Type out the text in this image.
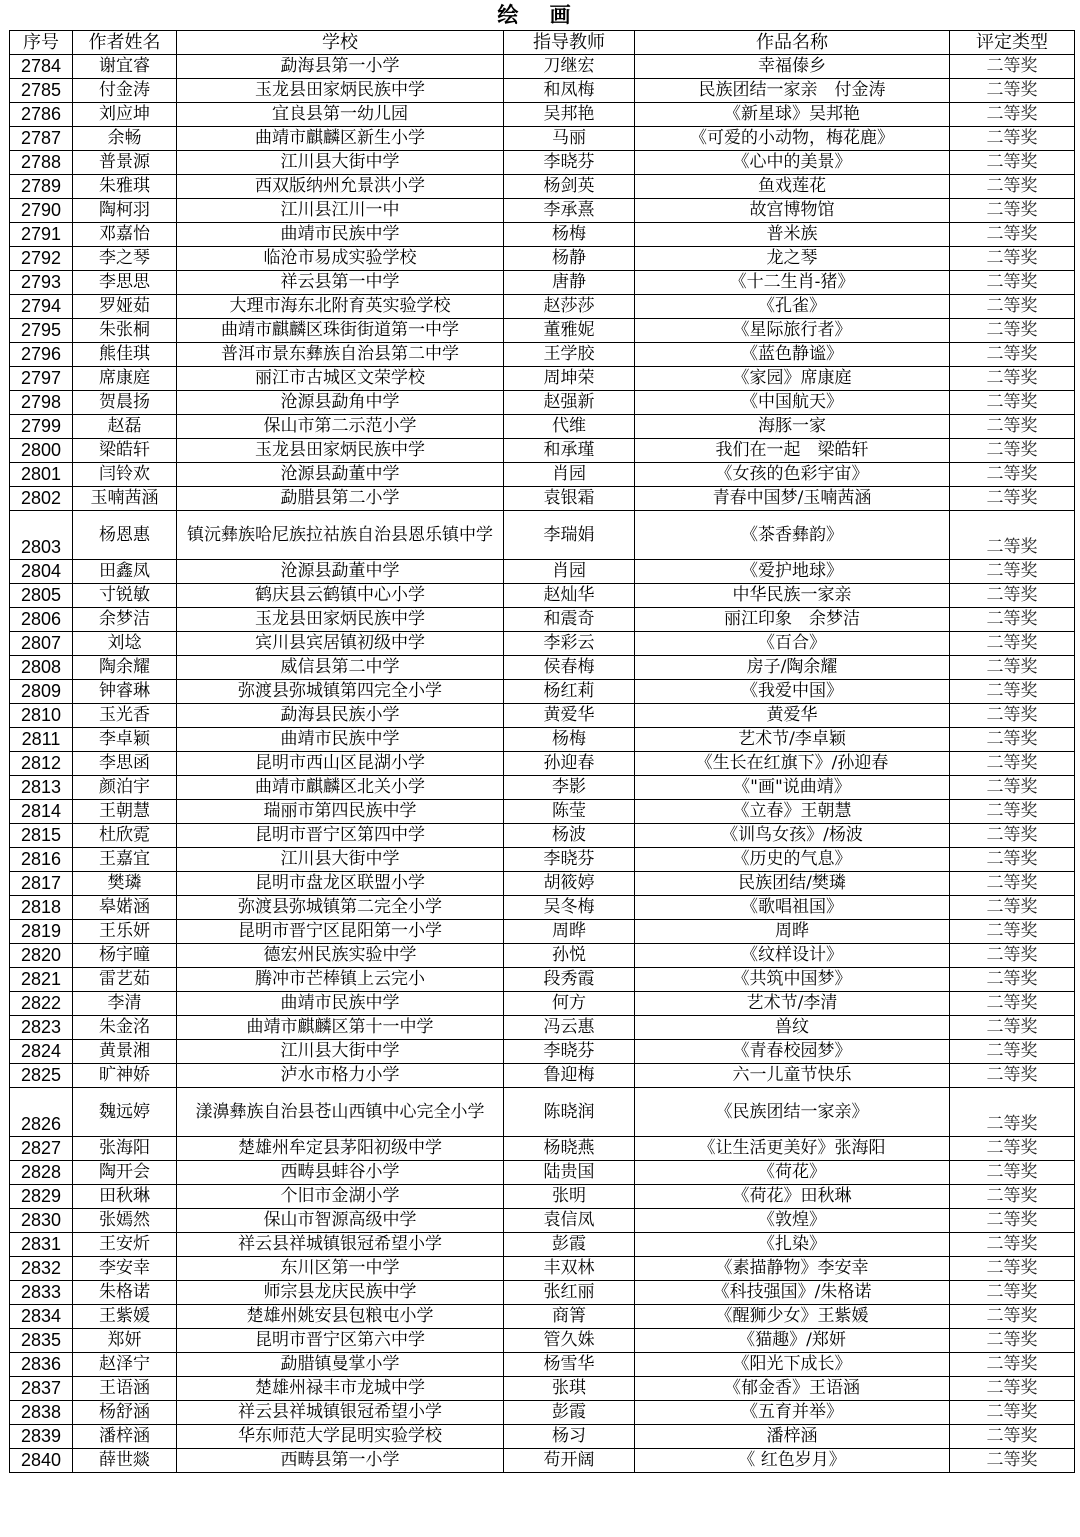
绘 画
序号	作者姓名	学校	指导教师	作品名称	评定类型
2784	谢宜睿	勐海县第一小学	刀继宏	幸福傣乡	二等奖
2785	付金涛	玉龙县田家炳民族中学	和凤梅	民族团结一家亲　付金涛	二等奖
2786	刘应坤	宜良县第一幼儿园	吴邦艳	《新星球》吴邦艳	二等奖
2787	余畅	曲靖市麒麟区新生小学	马丽	《可爱的小动物，梅花鹿》	二等奖
2788	普景源	江川县大街中学	李晓芬	《心中的美景》	二等奖
2789	朱雅琪	西双版纳州允景洪小学	杨剑英	鱼戏莲花	二等奖
2790	陶柯羽	江川县江川一中	李承熹	故宫博物馆	二等奖
2791	邓嘉怡	曲靖市民族中学	杨梅	普米族	二等奖
2792	李之琴	临沧市易成实验学校	杨静	龙之琴	二等奖
2793	李思思	祥云县第一中学	唐静	《十二生肖-猪》	二等奖
2794	罗娅茹	大理市海东北附育英实验学校	赵莎莎	《孔雀》	二等奖
2795	朱张桐	曲靖市麒麟区珠街街道第一中学	董雅妮	《星际旅行者》	二等奖
2796	熊佳琪	普洱市景东彝族自治县第二中学	王学胶	《蓝色静谧》	二等奖
2797	席康庭	丽江市古城区文荣学校	周坤荣	《家园》席康庭	二等奖
2798	贺晨扬	沧源县勐角中学	赵强新	《中国航天》	二等奖
2799	赵磊	保山市第二示范小学	代维	海豚一家	二等奖
2800	梁皓轩	玉龙县田家炳民族中学	和承瑾	我们在一起　梁皓轩	二等奖
2801	闫铃欢	沧源县勐董中学	肖园	《女孩的色彩宇宙》	二等奖
2802	玉喃茜涵	勐腊县第二小学	袁银霜	青春中国梦/玉喃茜涵	二等奖
2803	杨恩惠	镇沅彝族哈尼族拉祜族自治县恩乐镇中学	李瑞娟	《茶香彝韵》	二等奖
2804	田鑫凤	沧源县勐董中学	肖园	《爱护地球》	二等奖
2805	寸锐敏	鹤庆县云鹤镇中心小学	赵灿华	中华民族一家亲	二等奖
2806	余梦洁	玉龙县田家炳民族中学	和震奇	丽江印象　余梦洁	二等奖
2807	刘埝	宾川县宾居镇初级中学	李彩云	《百合》	二等奖
2808	陶余耀	威信县第二中学	侯春梅	房子/陶余耀	二等奖
2809	钟睿琳	弥渡县弥城镇第四完全小学	杨红莉	《我爱中国》	二等奖
2810	玉光香	勐海县民族小学	黄爱华	黄爱华	二等奖
2811	李卓颖	曲靖市民族中学	杨梅	艺术节/李卓颖	二等奖
2812	李思函	昆明市西山区昆湖小学	孙迎春	《生长在红旗下》/孙迎春	二等奖
2813	颜泊宇	曲靖市麒麟区北关小学	李影	《"画"说曲靖》	二等奖
2814	王朝慧	瑞丽市第四民族中学	陈莹	《立春》王朝慧	二等奖
2815	杜欣霓	昆明市晋宁区第四中学	杨波	《训鸟女孩》/杨波	二等奖
2816	王嘉宜	江川县大街中学	李晓芬	《历史的气息》	二等奖
2817	樊璘	昆明市盘龙区联盟小学	胡筱婷	民族团结/樊璘	二等奖
2818	皋婼涵	弥渡县弥城镇第二完全小学	吴冬梅	《歌唱祖国》	二等奖
2819	王乐妍	昆明市晋宁区昆阳第一小学	周晔	周晔	二等奖
2820	杨宇曈	德宏州民族实验中学	孙悦	《纹样设计》	二等奖
2821	雷艺茹	腾冲市芒棒镇上云完小	段秀霞	《共筑中国梦》	二等奖
2822	李清	曲靖市民族中学	何方	艺术节/李清	二等奖
2823	朱金洺	曲靖市麒麟区第十一中学	冯云惠	兽纹	二等奖
2824	黄景湘	江川县大街中学	李晓芬	《青春校园梦》	二等奖
2825	旷神娇	泸水市格力小学	鲁迎梅	六一儿童节快乐	二等奖
2826	魏远婷	漾濞彝族自治县苍山西镇中心完全小学	陈晓润	《民族团结一家亲》	二等奖
2827	张海阳	楚雄州牟定县茅阳初级中学	杨晓燕	《让生活更美好》张海阳	二等奖
2828	陶开会	西畴县蚌谷小学	陆贵国	《荷花》	二等奖
2829	田秋琳	个旧市金湖小学	张明	《荷花》田秋琳	二等奖
2830	张嫣然	保山市智源高级中学	袁信凤	《敦煌》	二等奖
2831	王安炘	祥云县祥城镇银冠希望小学	彭霞	《扎染》	二等奖
2832	李安幸	东川区第一中学	丰双林	《素描静物》李安幸	二等奖
2833	朱格诺	师宗县龙庆民族中学	张红丽	《科技强国》/朱格诺	二等奖
2834	王紫媛	楚雄州姚安县包粮屯小学	商箐	《醒狮少女》王紫媛	二等奖
2835	郑妍	昆明市晋宁区第六中学	管久姝	《猫趣》/郑妍	二等奖
2836	赵泽宁	勐腊镇曼掌小学	杨雪华	《阳光下成长》	二等奖
2837	王语涵	楚雄州禄丰市龙城中学	张琪	《郁金香》王语涵	二等奖
2838	杨舒涵	祥云县祥城镇银冠希望小学	彭霞	《五育并举》	二等奖
2839	潘梓涵	华东师范大学昆明实验学校	杨习	潘梓涵	二等奖
2840	薛世燚	西畴县第一小学	苟开阔	《 红色岁月》	二等奖
